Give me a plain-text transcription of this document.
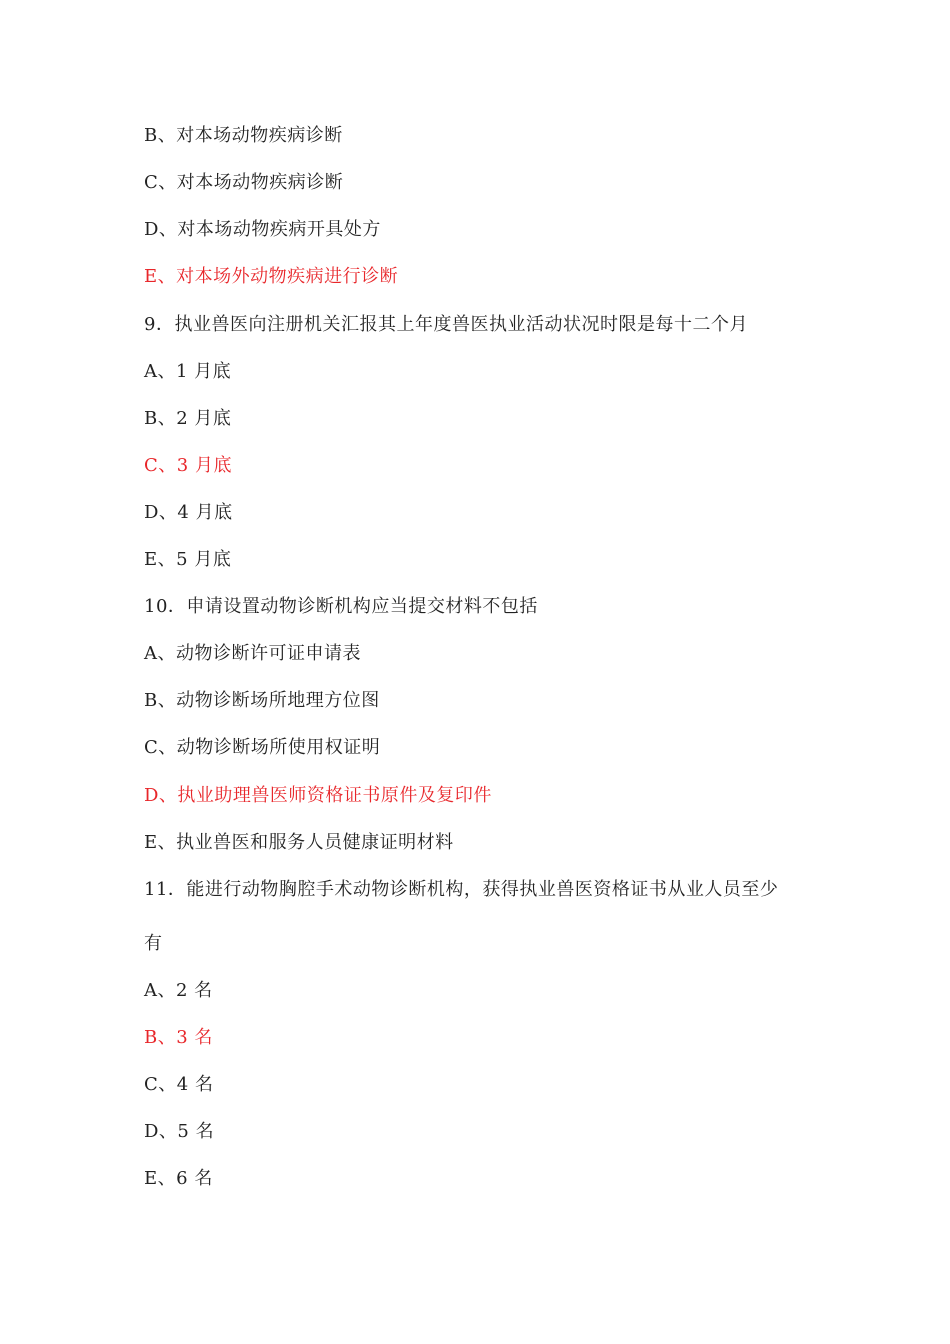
B、对本场动物疾病诊断
C、对本场动物疾病诊断
D、对本场动物疾病开具处方
E、对本场外动物疾病进行诊断
9．执业兽医向注册机关汇报其上年度兽医执业活动状况时限是每十二个月
A、1 月底
B、2 月底
C、3 月底
D、4 月底
E、5 月底
10．申请设置动物诊断机构应当提交材料不包括
A、动物诊断许可证申请表
B、动物诊断场所地理方位图
C、动物诊断场所使用权证明
D、执业助理兽医师资格证书原件及复印件
E、执业兽医和服务人员健康证明材料
11．能进行动物胸腔手术动物诊断机构，获得执业兽医资格证书从业人员至少
有
A、2 名
B、3 名
C、4 名
D、5 名
E、6 名
